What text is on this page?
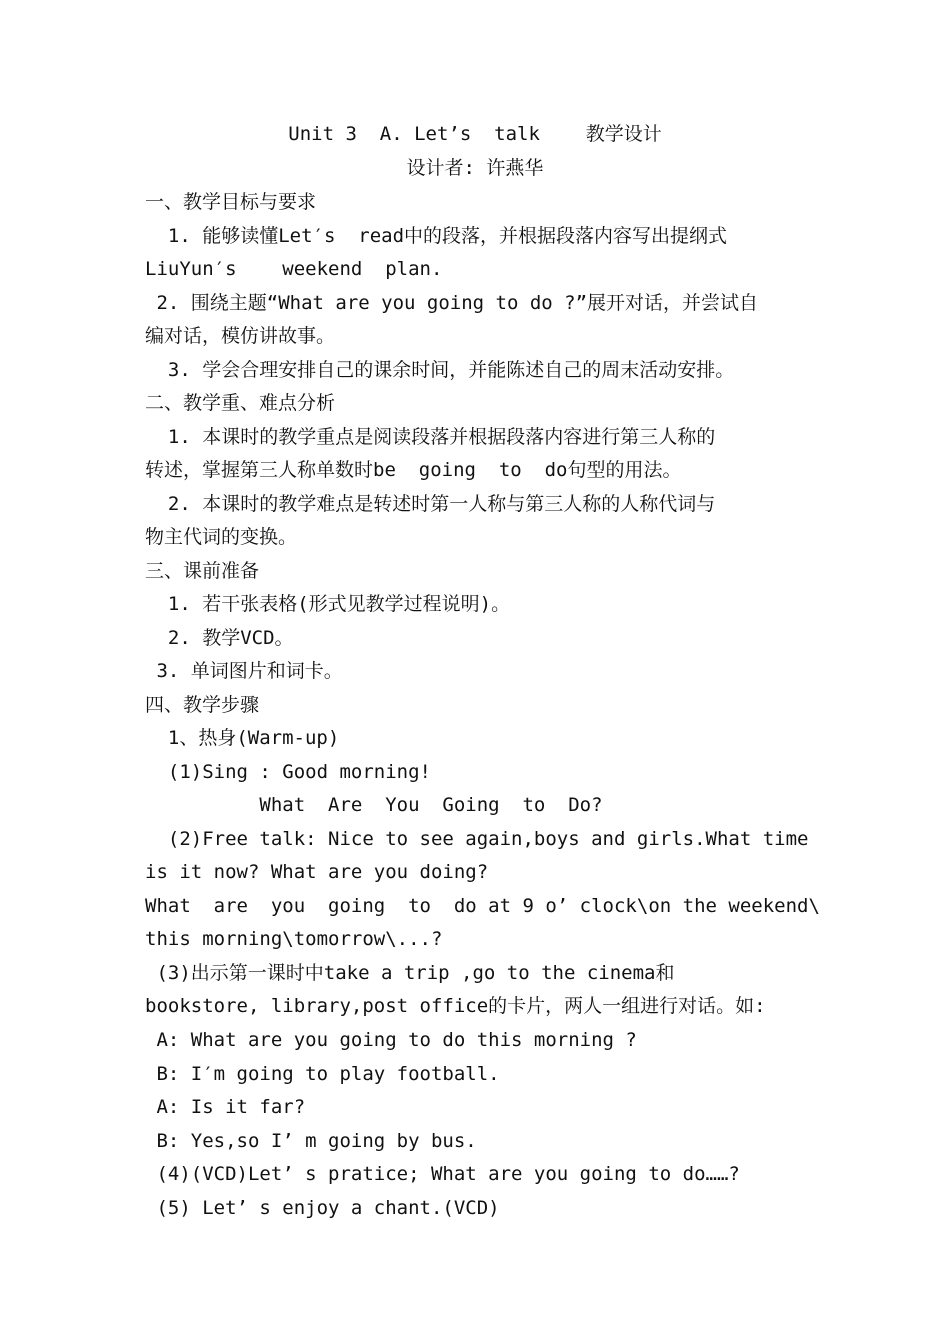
Unit 3  A. Let’s  talk    教学设计
设计者: 许燕华
一、教学目标与要求
1. 能够读懂Let′s  read中的段落，并根据段落内容写出提纲式
LiuYun′s    weekend  plan.
2. 围绕主题“What are you going to do ?”展开对话，并尝试自
编对话，模仿讲故事。
3. 学会合理安排自己的课余时间，并能陈述自己的周末活动安排。
二、教学重、难点分析
1. 本课时的教学重点是阅读段落并根据段落内容进行第三人称的
转述，掌握第三人称单数时be  going  to  do句型的用法。
2. 本课时的教学难点是转述时第一人称与第三人称的人称代词与
物主代词的变换。
三、课前准备
1. 若干张表格(形式见教学过程说明)。
2. 教学VCD。
3. 单词图片和词卡。
四、教学步骤
1、热身(Warm-up)
(1)Sing : Good morning!
What  Are  You  Going  to  Do?
(2)Free talk: Nice to see again,boys and girls.What time
is it now? What are you doing?
What  are  you  going  to  do at 9 o’ clock\on the weekend\
this morning\tomorrow\...?
(3)出示第一课时中take a trip ,go to the cinema和
bookstore, library,post office的卡片，两人一组进行对话。如:
A: What are you going to do this morning ?
B: I′m going to play football.
A: Is it far?
B: Yes,so I’ m going by bus.
(4)(VCD)Let’ s pratice; What are you going to do……?
(5) Let’ s enjoy a chant.(VCD)
